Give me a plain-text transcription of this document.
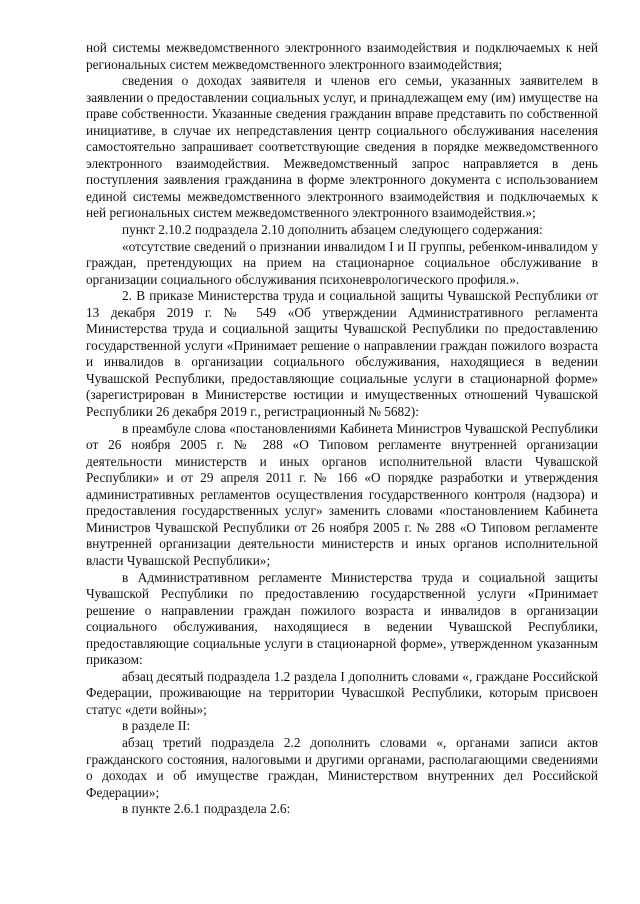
ной системы межведомственного электронного взаимодействия и подключаемых к ней региональных систем межведомственного электронного взаимодействия;

сведения о доходах заявителя и членов его семьи, указанных заявителем в заявлении о предоставлении социальных услуг, и принадлежащем ему (им) имуществе на праве собственности. Указанные сведения гражданин вправе представить по собственной инициативе, в случае их непредставления центр социального обслуживания населения самостоятельно запрашивает соответствующие сведения в порядке межведомственного электронного взаимодействия. Межведомственный запрос направляется в день поступления заявления гражданина в форме электронного документа с использованием единой системы межведомственного электронного взаимодействия и подключаемых к ней региональных систем межведомственного электронного взаимодействия.»;

пункт 2.10.2 подраздела 2.10 дополнить абзацем следующего содержания:

«отсутствие сведений о признании инвалидом I и II группы, ребенком-инвалидом у граждан, претендующих на прием на стационарное социальное обслуживание в организации социального обслуживания психоневрологического профиля.».

2. В приказе Министерства труда и социальной защиты Чувашской Республики от 13 декабря 2019 г. № 549 «Об утверждении Административного регламента Министерства труда и социальной защиты Чувашской Республики по предоставлению государственной услуги «Принимает решение о направлении граждан пожилого возраста и инвалидов в организации социального обслуживания, находящиеся в ведении Чувашской Республики, предоставляющие социальные услуги в стационарной форме» (зарегистрирован в Министерстве юстиции и имущественных отношений Чувашской Республики 26 декабря 2019 г., регистрационный № 5682):

в преамбуле слова «постановлениями Кабинета Министров Чувашской Республики от 26 ноября 2005 г. № 288 «О Типовом регламенте внутренней организации деятельности министерств и иных органов исполнительной власти Чувашской Республики» и от 29 апреля 2011 г. № 166 «О порядке разработки и утверждения административных регламентов осуществления государственного контроля (надзора) и предоставления государственных услуг» заменить словами «постановлением Кабинета Министров Чувашской Республики от 26 ноября 2005 г. № 288 «О Типовом регламенте внутренней организации деятельности министерств и иных органов исполнительной власти Чувашской Республики»;

в Административном регламенте Министерства труда и социальной защиты Чувашской Республики по предоставлению государственной услуги «Принимает решение о направлении граждан пожилого возраста и инвалидов в организации социального обслуживания, находящиеся в ведении Чувашской Республики, предоставляющие социальные услуги в стационарной форме», утвержденном указанным приказом:

абзац десятый подраздела 1.2 раздела I дополнить словами «, граждане Российской Федерации, проживающие на территории Чувасшкой Республики, которым присвоен статус «дети войны»;

в разделе II:

абзац третий подраздела 2.2 дополнить словами «, органами записи актов гражданского состояния, налоговыми и другими органами, располагающими сведениями о доходах и об имуществе граждан, Министерством внутренних дел Российской Федерации»;

в пункте 2.6.1 подраздела 2.6:
